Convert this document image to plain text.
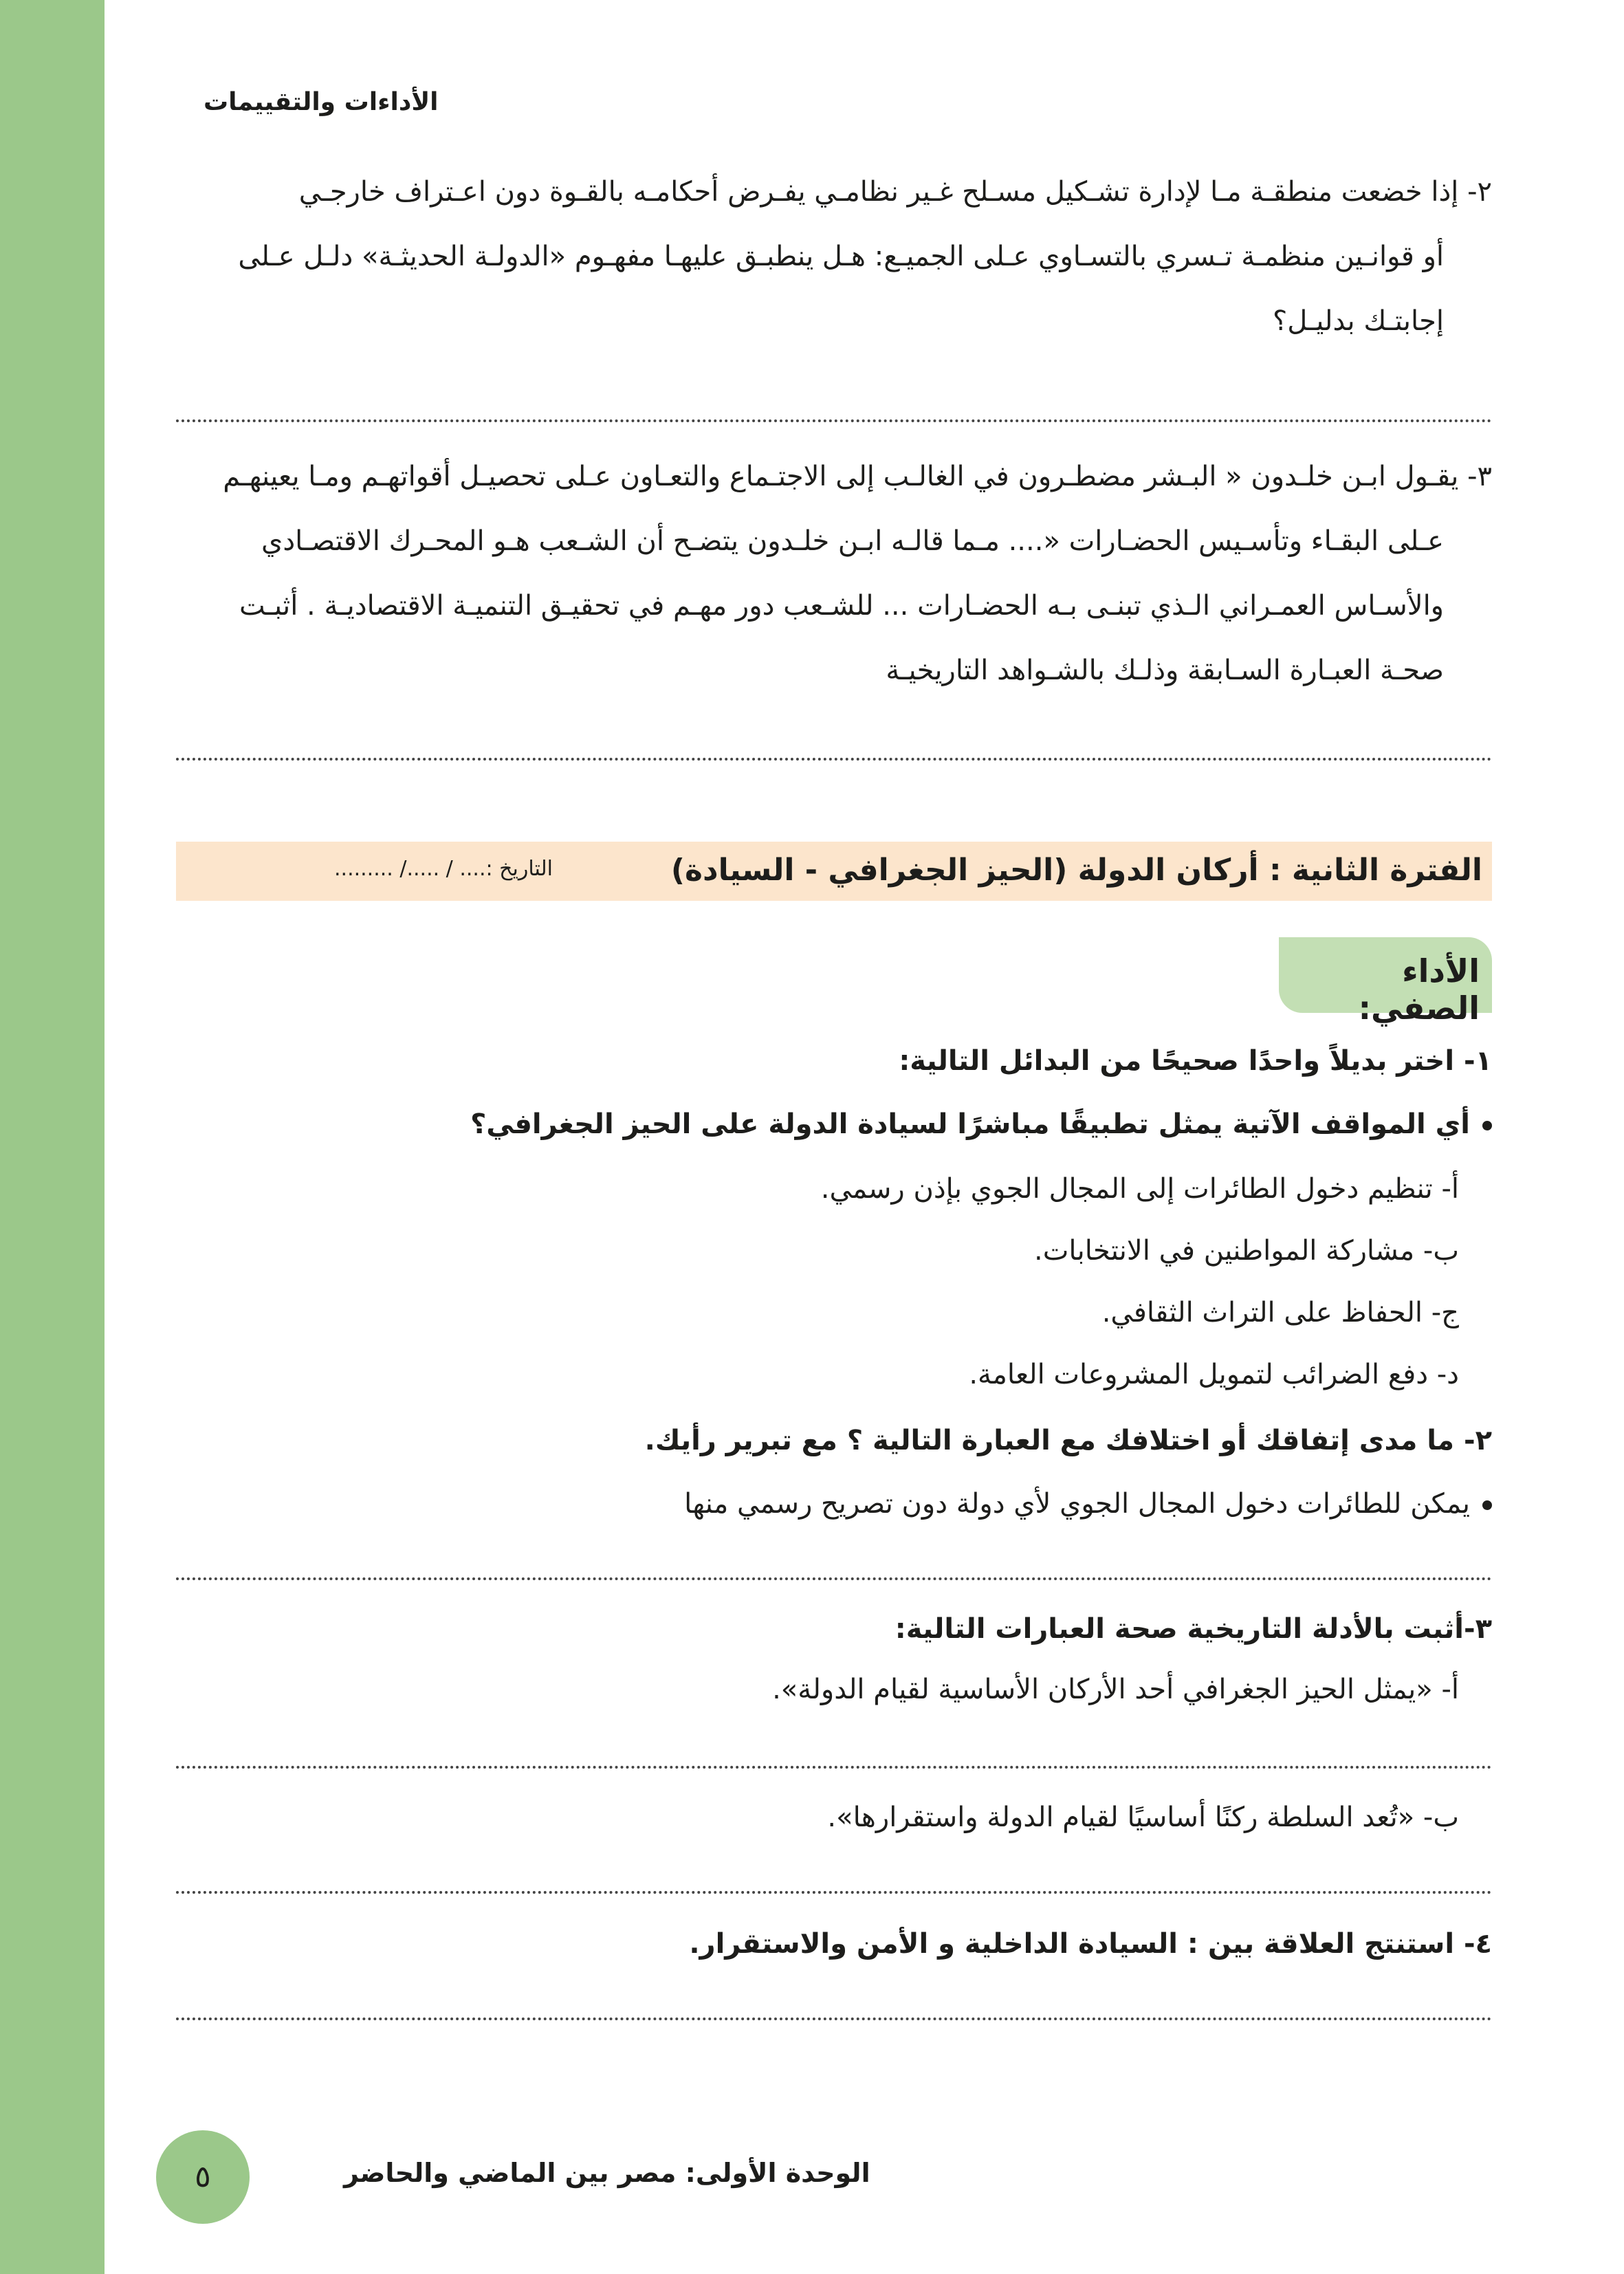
الأداءات والتقييمات
٢- إذا خضعت منطقـة مـا لإدارة تشـكيل مسـلح غـير نظامـي يفـرض أحكامـه بالقـوة دون اعـتراف خارجـي
أو قوانـين منظمـة تـسري بالتسـاوي عـلى الجميـع: هـل ينطبـق عليهـا مفهـوم «الدولـة الحديثـة» دلـل عـلى
إجابتـك بدليـل؟
٣- يقـول ابـن خلـدون « البـشر مضطـرون في الغالـب إلى الاجتـماع والتعـاون عـلى تحصيـل أقواتهـم ومـا يعينهـم
عـلى البقـاء وتأسـيس الحضـارات «.... مـما قالـه ابـن خلـدون يتضـح أن الشـعب هـو المحـرك الاقتصـادي
والأسـاس العمـراني الـذي تبنـى بـه الحضـارات ... للشـعب دور مهـم في تحقيـق التنميـة الاقتصاديـة . أثبـت
صحـة العبـارة السـابقة وذلـك بالشـواهد التاريخيـة
الفترة الثانية : أركان الدولة (الحيز الجغرافي - السيادة)
التاريخ :.... / ...../ .........
الأداء الصفي:
١- اختر بديلاً واحدًا صحيحًا من البدائل التالية:
أي المواقف الآتية يمثل تطبيقًا مباشرًا لسيادة الدولة على الحيز الجغرافي؟
أ- تنظيم دخول الطائرات إلى المجال الجوي بإذن رسمي.
ب- مشاركة المواطنين في الانتخابات.
ج- الحفاظ على التراث الثقافي.
د- دفع الضرائب لتمويل المشروعات العامة.
٢- ما مدى إتفاقك أو اختلافك مع العبارة التالية ؟ مع تبرير رأيك.
يمكن للطائرات دخول المجال الجوي لأي دولة دون تصريح رسمي منها
٣-أثبت بالأدلة التاريخية صحة العبارات التالية:
أ- «يمثل الحيز الجغرافي أحد الأركان الأساسية لقيام الدولة».
ب- «تُعد السلطة ركنًا أساسيًا لقيام الدولة واستقرارها».
٤- استنتج العلاقة بين : السيادة الداخلية و الأمن والاستقرار.
الوحدة الأولى: مصر بين الماضي والحاضر
٥
